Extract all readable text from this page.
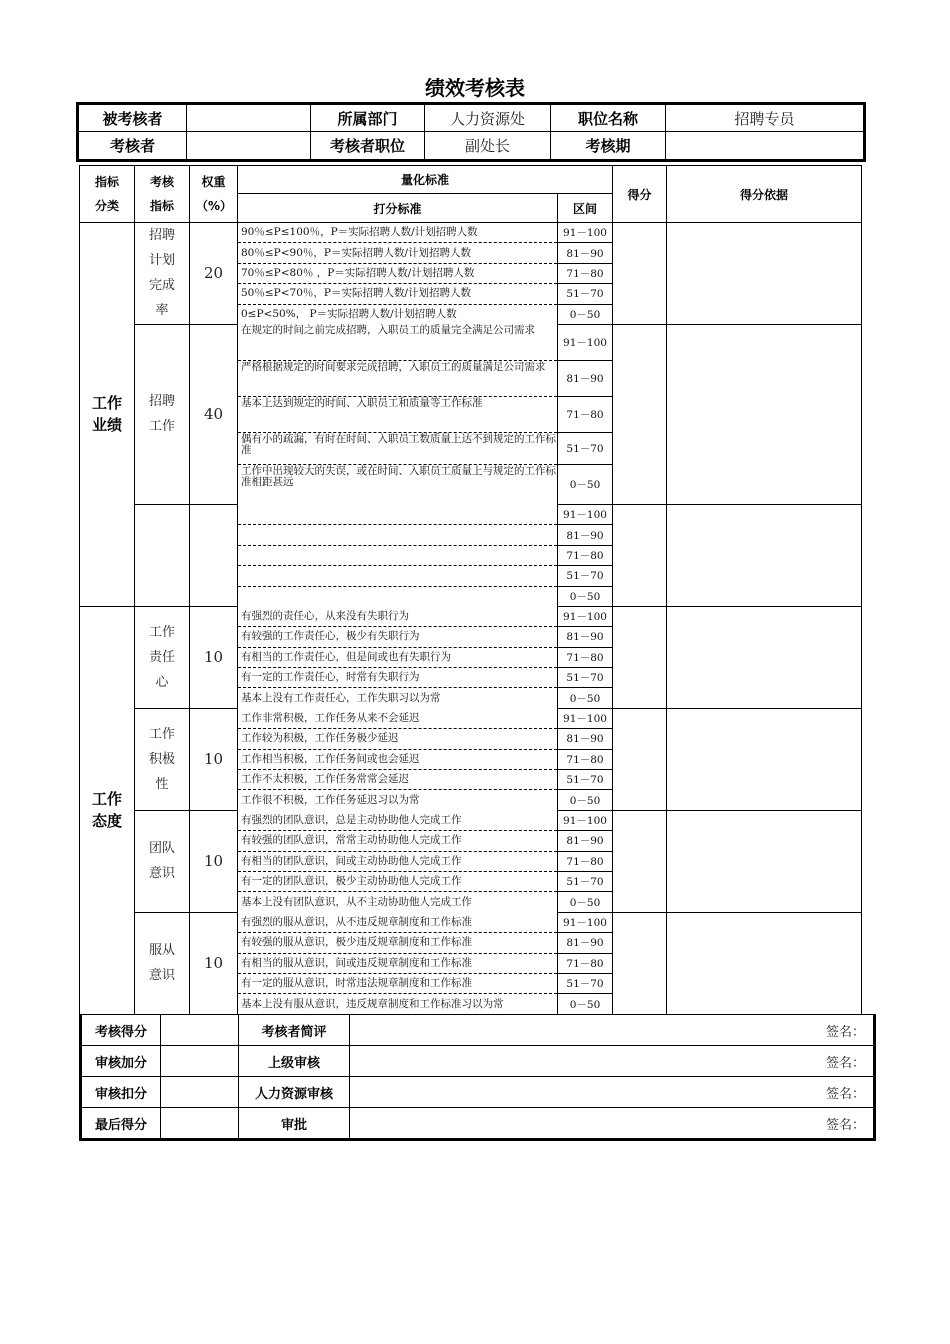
绩效考核表
被考核者		所属部门	人力资源处	职位名称	招聘专员
考核者		考核者职位	副处长	考核期	
指标分类	考核指标	权重（%）	量化标准		得分	得分依据
			打分标准	区间		
工作业绩	招聘计划完成率	20	90％≤P≤100％，P＝实际招聘人数/计划招聘人数	91－100		
			80％≤P<90％，P＝实际招聘人数/计划招聘人数	81－90		
			70％≤P<80％ ，P＝实际招聘人数/计划招聘人数	71－80		
			50％≤P<70％，P＝实际招聘人数/计划招聘人数	51－70		
			0≤P<50%， P＝实际招聘人数/计划招聘人数	0－50		
	招聘工作	40	在规定的时间之前完成招聘，入职员工的质量完全满足公司需求	91－100		
			严格根据规定的时间要求完成招聘，入职员工的质量满足公司需求	81－90		
			基本上达到规定的时间、入职员工和质量等工作标准	71－80		
			偶有小的疏漏，有时在时间、入职员工数质量上达不到规定的工作标准	51－70		
			工作中出现较大的失误，或在时间、入职员工质量上与规定的工作标准相距甚远	0－50		
				91－100		
				81－90		
				71－80		
				51－70		
				0－50		
工作态度	工作责任心	10	有强烈的责任心，从来没有失职行为	91－100		
			有较强的工作责任心，极少有失职行为	81－90		
			有相当的工作责任心，但是间或也有失职行为	71－80		
			有一定的工作责任心，时常有失职行为	51－70		
			基本上没有工作责任心，工作失职习以为常	0－50		
	工作积极性	10	工作非常积极，工作任务从来不会延迟	91－100		
			工作较为积极，工作任务极少延迟	81－90		
			工作相当积极，工作任务间或也会延迟	71－80		
			工作不太积极，工作任务常常会延迟	51－70		
			工作很不积极，工作任务延迟习以为常	0－50		
	团队意识	10	有强烈的团队意识，总是主动协助他人完成工作	91－100		
			有较强的团队意识，常常主动协助他人完成工作	81－90		
			有相当的团队意识，间或主动协助他人完成工作	71－80		
			有一定的团队意识，极少主动协助他人完成工作	51－70		
			基本上没有团队意识，从不主动协助他人完成工作	0－50		
	服从意识	10	有强烈的服从意识，从不违反规章制度和工作标准	91－100		
			有较强的服从意识，极少违反规章制度和工作标准	81－90		
			有相当的服从意识，间或违反规章制度和工作标准	71－80		
			有一定的服从意识，时常违法规章制度和工作标准	51－70		
			基本上没有服从意识，违反规章制度和工作标准习以为常	0－50		
考核得分		考核者简评	签名：
审核加分		上级审核	签名：
审核扣分		人力资源审核	签名：
最后得分		审批	签名：
